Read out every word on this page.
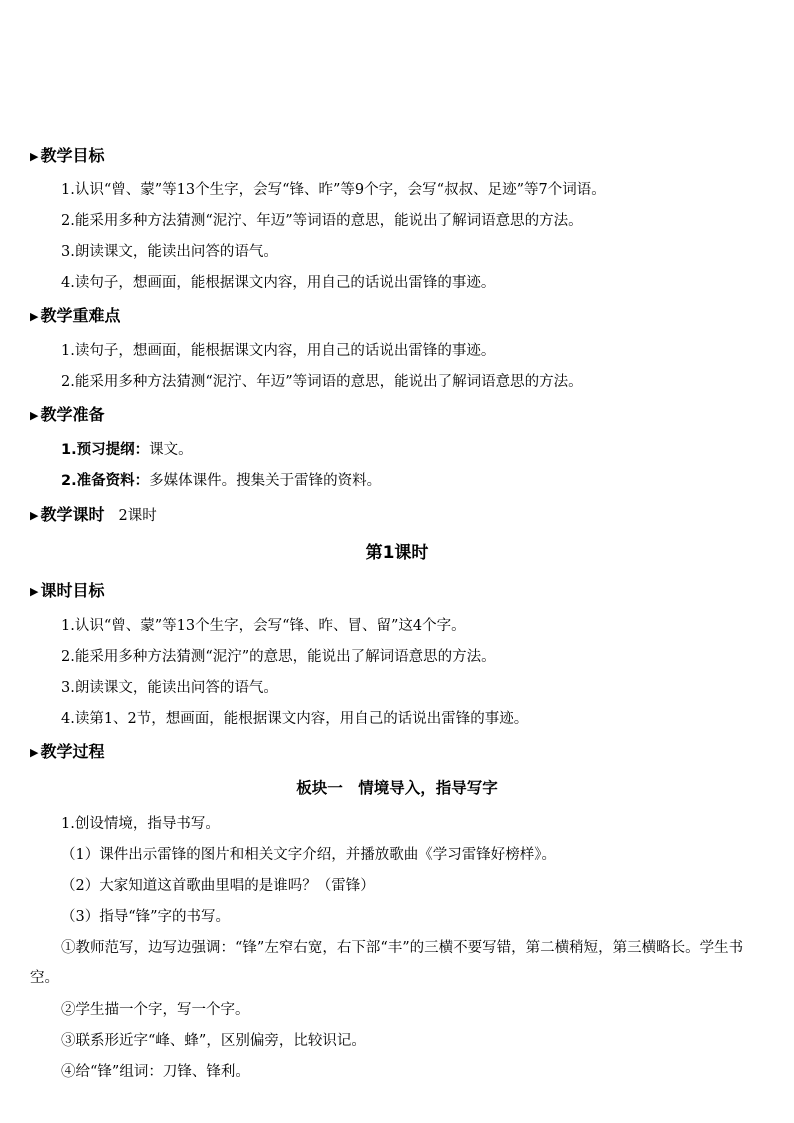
▶ 教学目标
1.认识“曾、蒙”等13个生字，会写“锋、昨”等9个字，会写“叔叔、足迹”等7个词语。
2.能采用多种方法猜测“泥泞、年迈”等词语的意思，能说出了解词语意思的方法。
3.朗读课文，能读出问答的语气。
4.读句子，想画面，能根据课文内容，用自己的话说出雷锋的事迹。
▶ 教学重难点
1.读句子，想画面，能根据课文内容，用自己的话说出雷锋的事迹。
2.能采用多种方法猜测“泥泞、年迈”等词语的意思，能说出了解词语意思的方法。
▶ 教学准备
1.预习提纲：课文。
2.准备资料：多媒体课件。搜集关于雷锋的资料。
▶ 教学课时 2课时
第1课时
▶ 课时目标
1.认识“曾、蒙”等13个生字，会写“锋、昨、冒、留”这4个字。
2.能采用多种方法猜测“泥泞”的意思，能说出了解词语意思的方法。
3.朗读课文，能读出问答的语气。
4.读第1、2节，想画面，能根据课文内容，用自己的话说出雷锋的事迹。
▶ 教学过程
板块一　情境导入，指导写字
1.创设情境，指导书写。
（1）课件出示雷锋的图片和相关文字介绍，并播放歌曲《学习雷锋好榜样》。
（2）大家知道这首歌曲里唱的是谁吗？（雷锋）
（3）指导“锋”字的书写。
①教师范写，边写边强调：“锋”左窄右宽，右下部“丰”的三横不要写错，第二横稍短，第三横略长。学生书空。
②学生描一个字，写一个字。
③联系形近字“峰、蜂”，区别偏旁，比较识记。
④给“锋”组词：刀锋、锋利。
